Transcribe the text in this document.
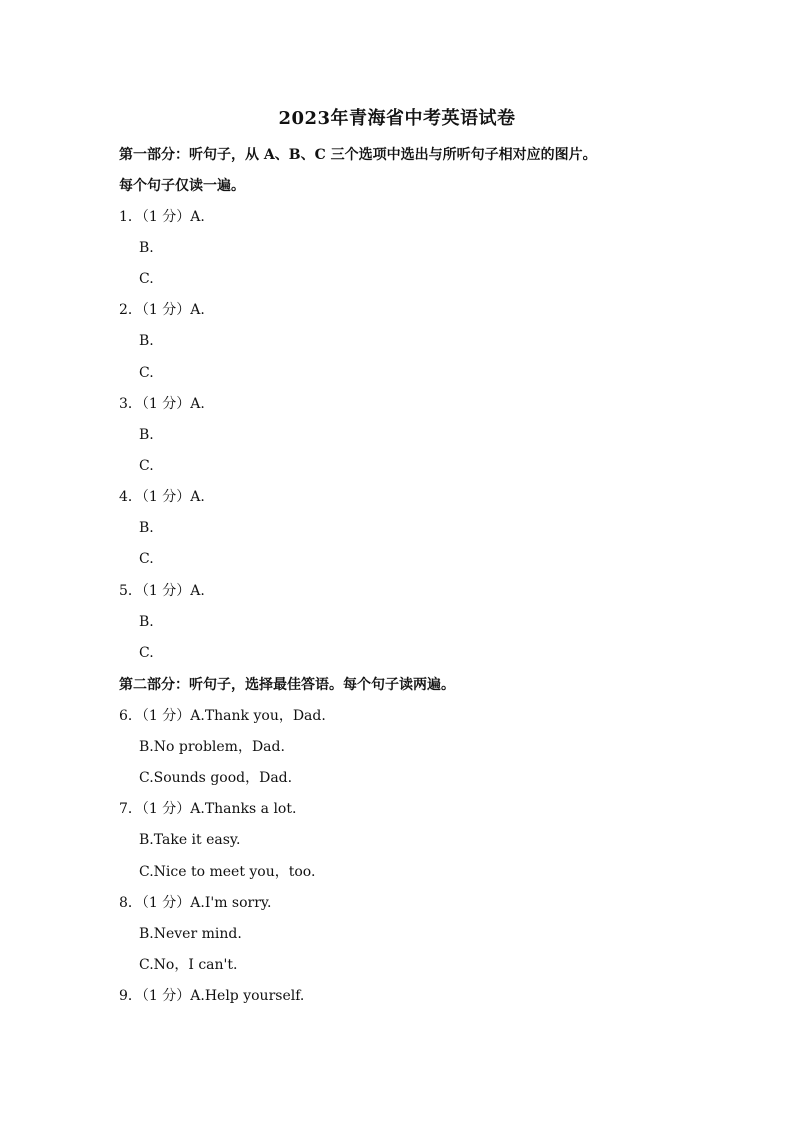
2023年青海省中考英语试卷
第一部分：听句子，从 A、B、C 三个选项中选出与所听句子相对应的图片。
每个句子仅读一遍。
1．（1 分）A.
B.
C.
2．（1 分）A.
B.
C.
3．（1 分）A.
B.
C.
4．（1 分）A.
B.
C.
5．（1 分）A.
B.
C.
第二部分：听句子，选择最佳答语。每个句子读两遍。
6．（1 分）A.Thank you，Dad.
B.No problem，Dad.
C.Sounds good，Dad.
7．（1 分）A.Thanks a lot.
B.Take it easy.
C.Nice to meet you，too.
8．（1 分）A.I'm sorry.
B.Never mind.
C.No，I can't.
9．（1 分）A.Help yourself.
